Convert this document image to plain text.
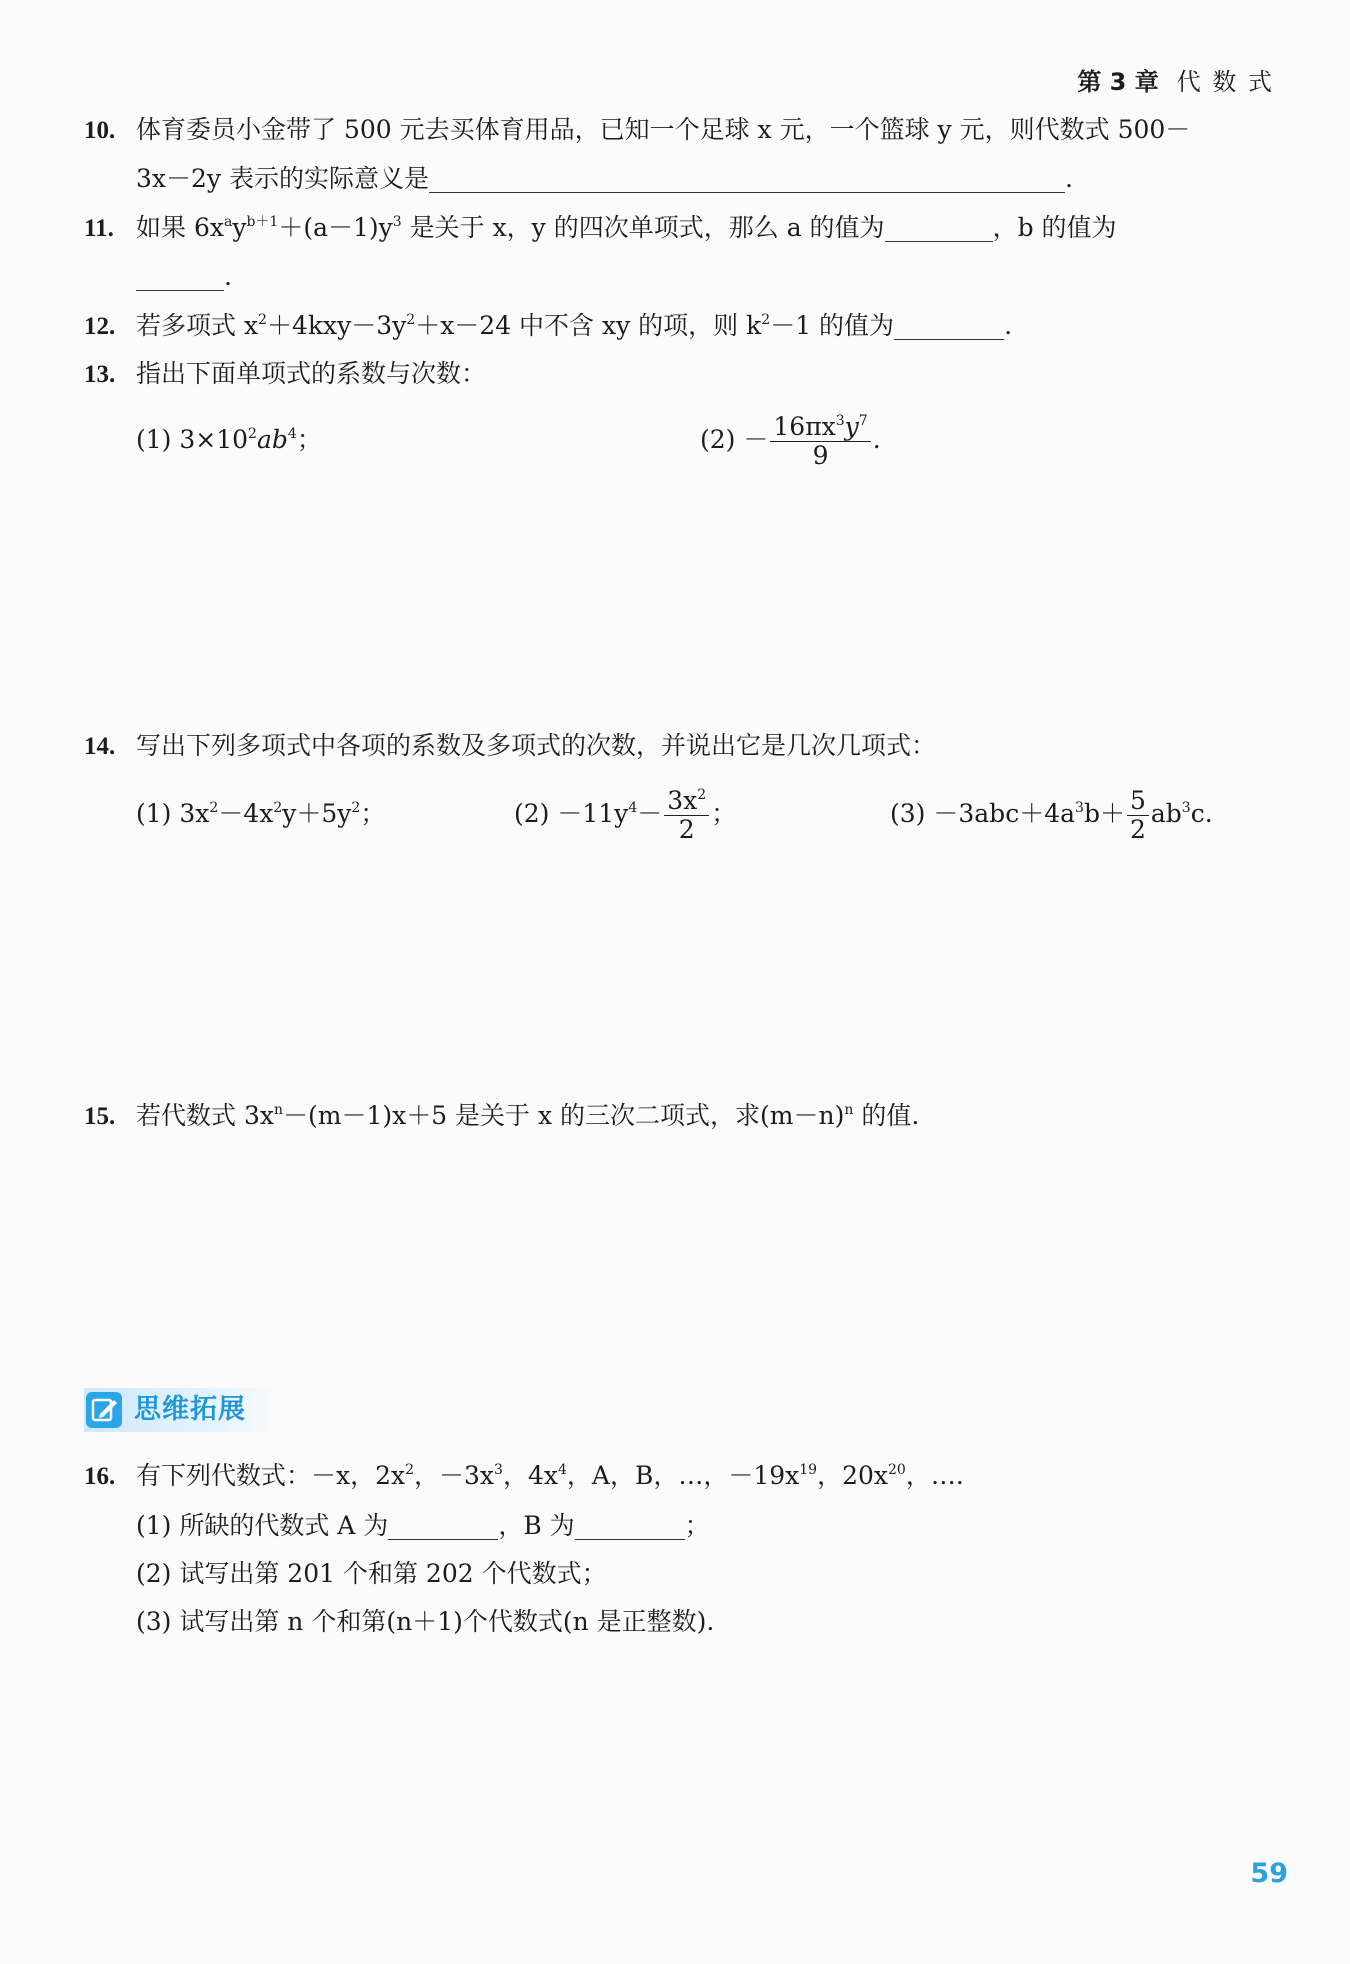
第 3 章 代 数 式
10. 体育委员小金带了 500 元去买体育用品，已知一个足球 x 元，一个篮球 y 元，则代数式 500－
3x－2y 表示的实际意义是	.
11. 如果 $6x^ay^{b+1}+(a-1)y^3$ 是关于 x，y 的四次单项式，那么 a 的值为	，b 的值为
.
12. 若多项式 $x^2+4kxy-3y^2+x-24$ 中不含 xy 的项，则 $k^2-1$ 的值为	.
13. 指出下面单项式的系数与次数：
(1) $3\times 10^2ab^4$；	$(2) - \frac{16\pi x^3y^7}{9}$ .
14. 写出下列多项式中各项的系数及多项式的次数，并说出它是几次几项式：
(1) $3x^2-4x^2y+5y^2$；	$(2) -11y^4- \frac{3x^2}{2}$ ；	$(3) -3abc+4a^3b+ \frac{5}{2} ab^3c$.
15. 若代数式 $3x^n-(m-1)x+5$ 是关于 x 的三次二项式，求$(m-n)^n$ 的值.
思维拓展
16. 有下列代数式：－x，$2x^2$，$-3x^3$，$4x^4$，A，B，…，$-19x^{19}$，$20x^{20}$，….
(1) 所缺的代数式 A 为	，B 为	；
(2) 试写出第 201 个和第 202 个代数式；
(3) 试写出第 n 个和第(n＋1)个代数式(n 是正整数).
59
